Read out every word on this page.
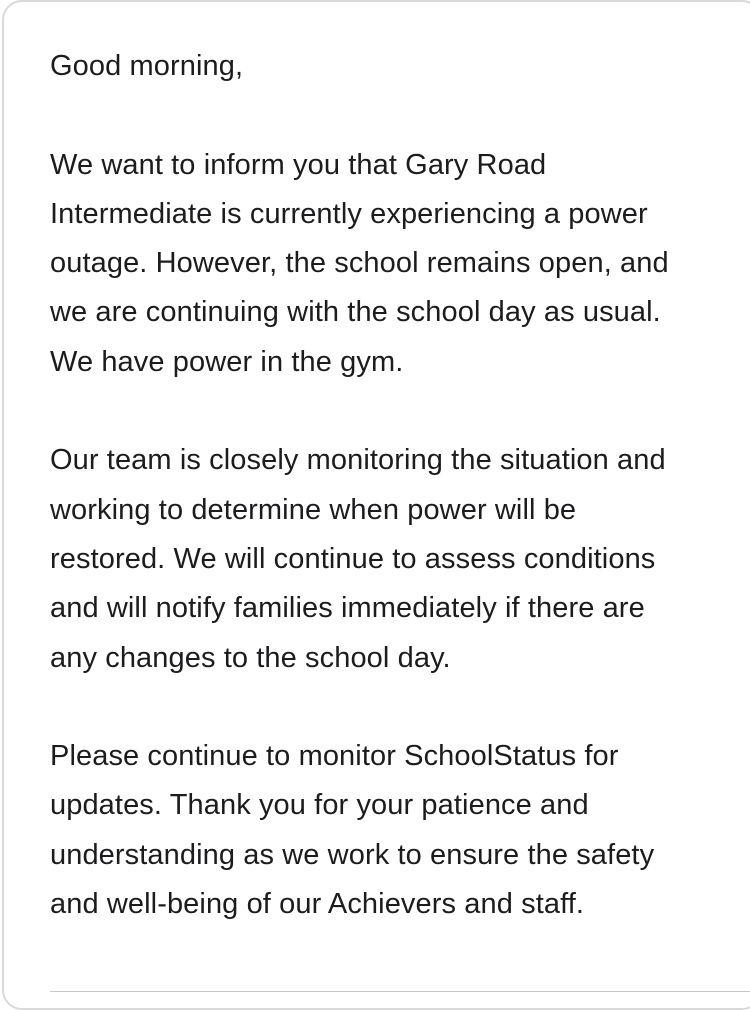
Good morning,

We want to inform you that Gary Road
Intermediate is currently experiencing a power
outage. However, the school remains open, and
we are continuing with the school day as usual.
We have power in the gym.

Our team is closely monitoring the situation and
working to determine when power will be
restored. We will continue to assess conditions
and will notify families immediately if there are
any changes to the school day.

Please continue to monitor SchoolStatus for
updates. Thank you for your patience and
understanding as we work to ensure the safety
and well-being of our Achievers and staff.
